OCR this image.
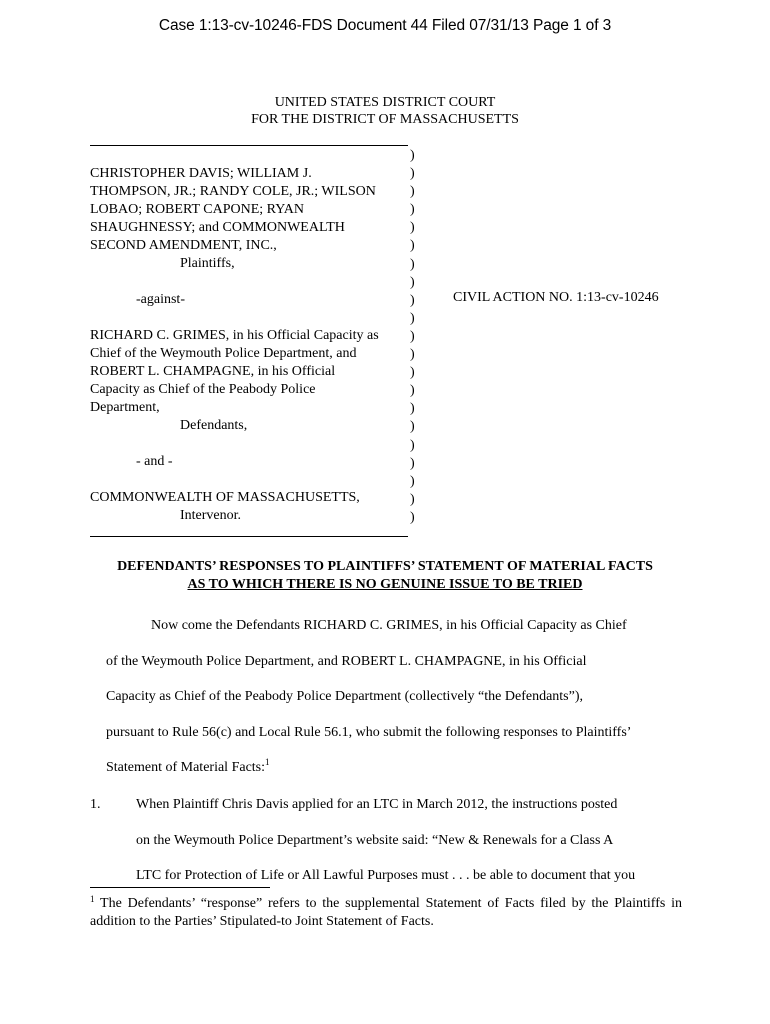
Case 1:13-cv-10246-FDS Document 44 Filed 07/31/13 Page 1 of 3
UNITED STATES DISTRICT COURT
FOR THE DISTRICT OF MASSACHUSETTS
CHRISTOPHER DAVIS; WILLIAM J.
THOMPSON, JR.; RANDY COLE, JR.; WILSON
LOBAO; ROBERT CAPONE; RYAN
SHAUGHNESSY; and COMMONWEALTH
SECOND AMENDMENT, INC.,
Plaintiffs,
-against-
RICHARD C. GRIMES, in his Official Capacity as
Chief of the Weymouth Police Department, and
ROBERT L. CHAMPAGNE, in his Official
Capacity as Chief of the Peabody Police
Department,
Defendants,
- and -
COMMONWEALTH OF MASSACHUSETTS,
Intervenor.
)
)
)
)
)
)
)
)
)
)
)
)
)
)
)
)
)
)
)
)
)
CIVIL ACTION NO. 1:13-cv-10246
DEFENDANTS’ RESPONSES TO PLAINTIFFS’ STATEMENT OF MATERIAL FACTS
AS TO WHICH THERE IS NO GENUINE ISSUE TO BE TRIED
Now come the Defendants RICHARD C. GRIMES, in his Official Capacity as Chief
of the Weymouth Police Department, and ROBERT L. CHAMPAGNE, in his Official
Capacity as Chief of the Peabody Police Department (collectively “the Defendants”),
pursuant to Rule 56(c) and Local Rule 56.1, who submit the following responses to Plaintiffs’
Statement of Material Facts:$^1$
1.	When Plaintiff Chris Davis applied for an LTC in March 2012, the instructions posted
on the Weymouth Police Department’s website said: “New & Renewals for a Class A
LTC for Protection of Life or All Lawful Purposes must . . . be able to document that you
$^1$ The Defendants’ “response” refers to the supplemental Statement of Facts filed by the Plaintiffs in addition to the Parties’ Stipulated-to Joint Statement of Facts.
